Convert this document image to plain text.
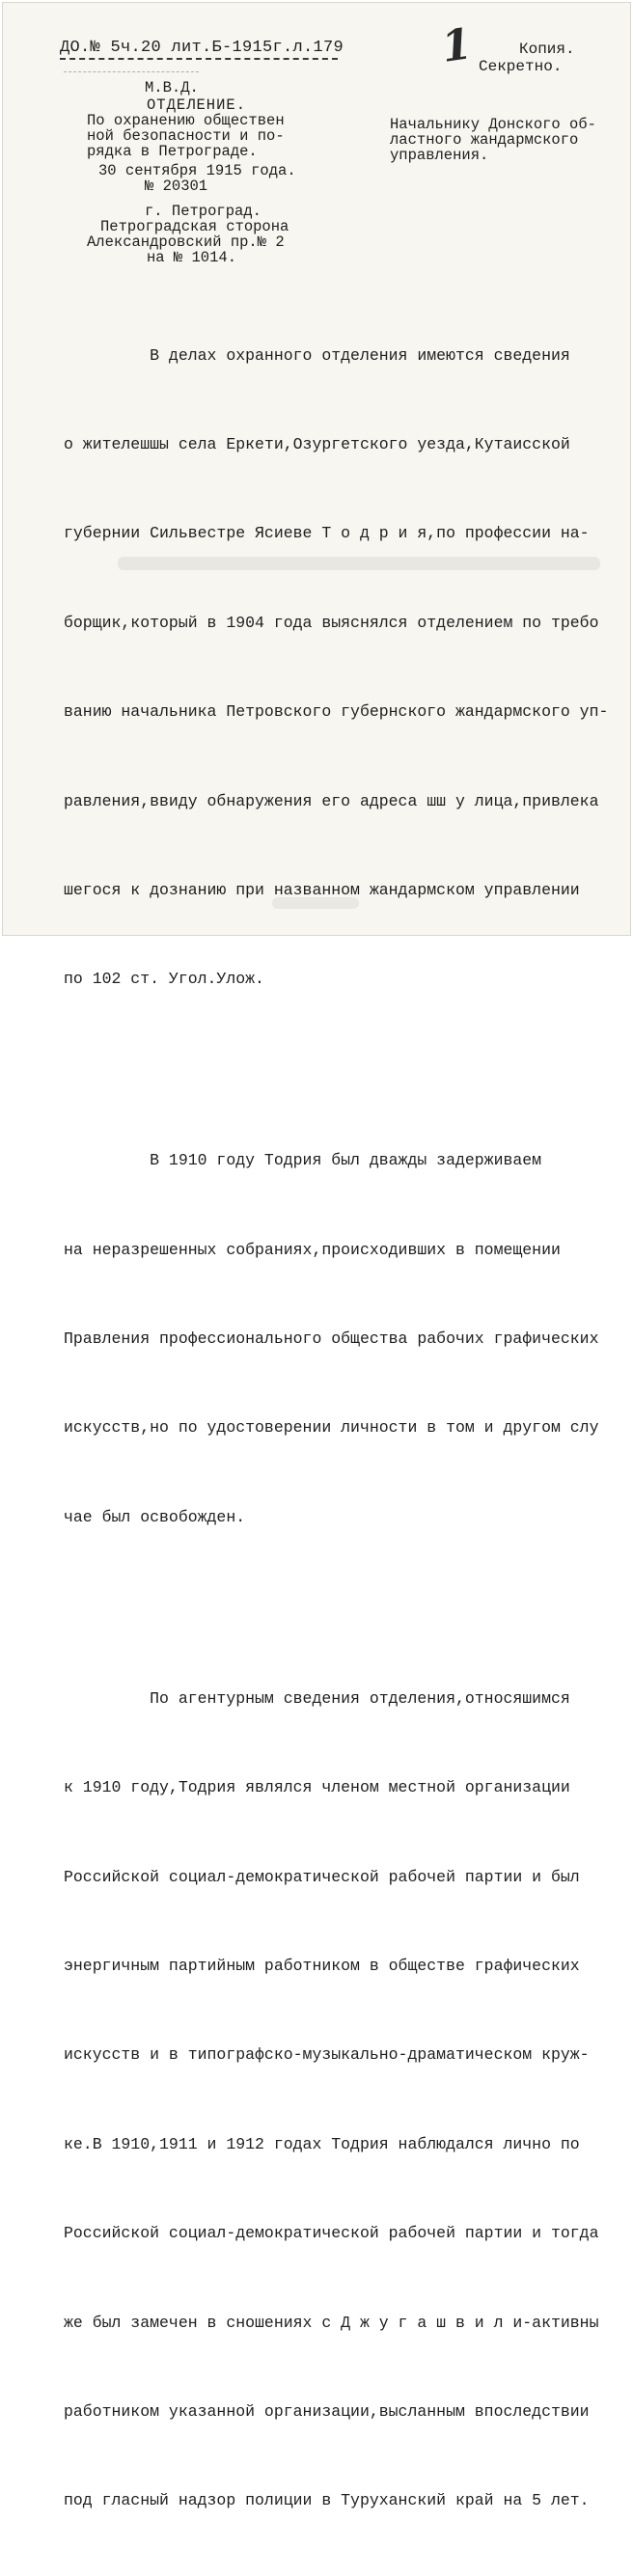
ДО.№ 5ч.20 лит.Б-1915г.л.179 1	Копия.
Секретно.
М.В.Д.
ОТДЕЛЕНИЕ.
По охранению обществен
ной безопасности и по-
рядка в Петрограде.
30 сентября 1915 года.
№ 20301
г. Петроград.
Петроградская сторона
Александровский пр.№ 2
на № 1014.
Начальнику Донского об-
ластного жандармского
управления.

В делах охранного отделения имеются сведения

о жителешшы села Еркети,Озургетского уезда,Кутаисской

губернии Сильвестре Ясиеве Т о д р и я,по профессии на-

борщик,который в 1904 года выяснялся отделением по требо

ванию начальника Петровского губернского жандармского уп-

равления,ввиду обнаружения его адреса шш у лица,привлека

шегося к дознанию при названном жандармском управлении

по 102 ст. Угол.Улож.

В 1910 году Тодрия был дважды задерживаем

на неразрешенных собраниях,происходивших в помещении

Правления профессионального общества рабочих графических

искусств,но по удостоверении личности в том и другом слу

чае был освобожден.

По агентурным сведения отделения,относяшимся

к 1910 году,Тодрия являлся членом местной организации

Российской социал-демократической рабочей партии и был

энергичным партийным работником в обществе графических

искусств и в типографско-музыкально-драматическом круж-

ке.В 1910,1911 и 1912 годах Тодрия наблюдался лично по

Российской социал-демократической рабочей партии и тогда

же был замечен в сношениях с Д ж у г а ш в и л и-активны

работником указанной организации,высланным впоследствии

под гласный надзор полиции в Туруханский край на 5 лет.
